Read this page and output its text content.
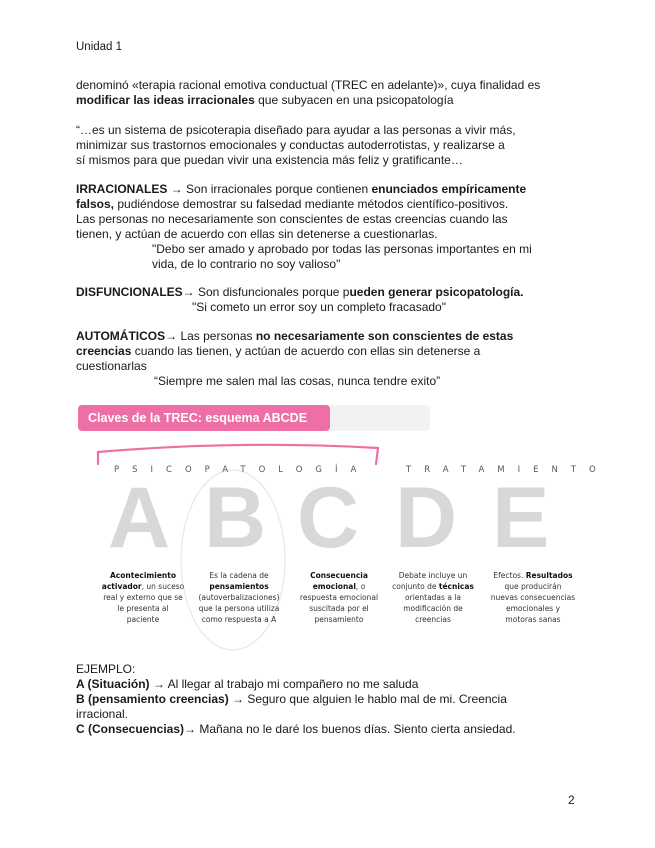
Unidad 1
denominó «terapia racional emotiva conductual (TREC en adelante)», cuya finalidad es
modificar las ideas irracionales que subyacen en una psicopatología
“…es un sistema de psicoterapia diseñado para ayudar a las personas a vivir más,
minimizar sus trastornos emocionales y conductas autoderrotistas, y realizarse a
sí mismos para que puedan vivir una existencia más feliz y gratificante…
IRRACIONALES → Son irracionales porque contienen enunciados empíricamente
falsos, pudiéndose demostrar su falsedad mediante métodos científico-positivos.
Las personas no necesariamente son conscientes de estas creencias cuando las
tienen, y actúan de acuerdo con ellas sin detenerse a cuestionarlas.
"Debo ser amado y aprobado por todas las personas importantes en mi
vida, de lo contrario no soy valioso"
DISFUNCIONALES→ Son disfuncionales porque pueden generar psicopatología.
"Si cometo un error soy un completo fracasado"
AUTOMÁTICOS→ Las personas no necesariamente son conscientes de estas
creencias cuando las tienen, y actúan de acuerdo con ellas sin detenerse a
cuestionarlas
“Siempre me salen mal las cosas, nunca tendre exito”
Claves de la TREC: esquema ABCDE
PSICOPATOLOGÍA	TRATAMIENTO
A B C D E
Acontecimiento activador, un suceso real y externo que se le presenta al paciente
Es la cadena de pensamientos (autoverbalizaciones) que la persona utiliza como respuesta a A
Consecuencia emocional, o respuesta emocional suscitada por el pensamiento
Debate incluye un conjunto de técnicas orientadas a la modificación de creencias
Efectos. Resultados que producirán nuevas consecuencias emocionales y motoras sanas
EJEMPLO:
A (Situación) → Al llegar al trabajo mi compañero no me saluda
B (pensamiento creencias) → Seguro que alguien le hablo mal de mi. Creencia
irracional.
C (Consecuencias)→ Mañana no le daré los buenos días. Siento cierta ansiedad.
2
